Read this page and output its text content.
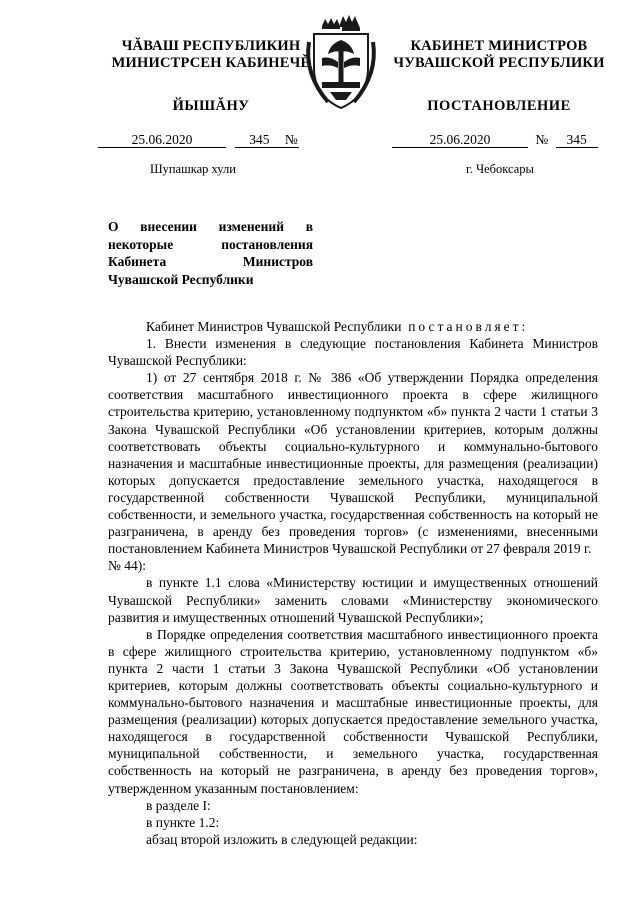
ЧĂВАШ РЕСПУБЛИКИН
МИНИСТРСЕН КАБИНЕЧĚ
ЙЫШĂНУ
КАБИНЕТ МИНИСТРОВ
ЧУВАШСКОЙ РЕСПУБЛИКИ
ПОСТАНОВЛЕНИЕ
25.06.2020	345 №	25.06.2020	№ 345
Шупашкар хули	г. Чебоксары
О внесении изменений в некоторые постановления Кабинета Министров Чувашской Республики

Кабинет Министров Чувашской Республики постановляет:

1. Внести изменения в следующие постановления Кабинета Министров Чувашской Республики:

1) от 27 сентября 2018 г. № 386 «Об утверждении Порядка определения соответствия масштабного инвестиционного проекта в сфере жилищного строительства критерию, установленному подпунктом «б» пункта 2 части 1 статьи 3 Закона Чувашской Республики «Об установлении критериев, которым должны соответствовать объекты социально-культурного и коммунально-бытового назначения и масштабные инвестиционные проекты, для размещения (реализации) которых допускается предоставление земельного участка, находящегося в государственной собственности Чувашской Республики, муниципальной собственности, и земельного участка, государственная собственность на который не разграничена, в аренду без проведения торгов» (с изменениями, внесенными постановлением Кабинета Министров Чувашской Республики от 27 февраля 2019 г.

№ 44):

в пункте 1.1 слова «Министерству юстиции и имущественных отношений Чувашской Республики» заменить словами «Министерству экономического развития и имущественных отношений Чувашской Республики»;

в Порядке определения соответствия масштабного инвестиционного проекта в сфере жилищного строительства критерию, установленному подпунктом «б» пункта 2 части 1 статьи 3 Закона Чувашской Республики «Об установлении критериев, которым должны соответствовать объекты социально-культурного и коммунально-бытового назначения и масштабные инвестиционные проекты, для размещения (реализации) которых допускается предоставление земельного участка, находящегося в государственной собственности Чувашской Республики, муниципальной собственности, и земельного участка, государственная собственность на который не разграничена, в аренду без проведения торгов», утвержденном указанным постановлением:

в разделе I:

в пункте 1.2:

абзац второй изложить в следующей редакции:
